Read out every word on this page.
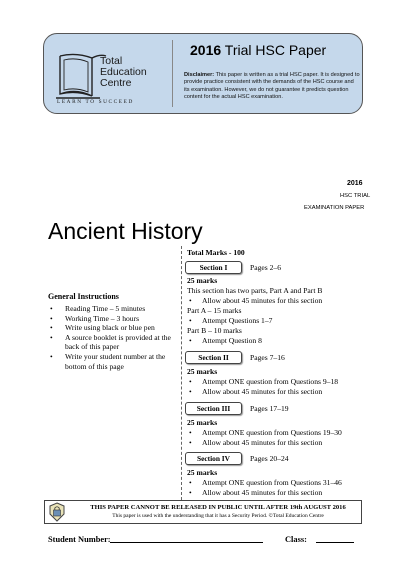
Total
Education
Centre
LEARN TO SUCCEED
2016 Trial HSC Paper
Disclaimer: This paper is written as a trial HSC paper. It is designed to provide practice consistent with the demands of the HSC course and its examination. However, we do not guarantee it predicts question content for the actual HSC examination.
2016
HSC TRIAL
EXAMINATION PAPER
Ancient History
General Instructions
• Reading Time – 5 minutes
• Working Time – 3 hours
• Write using black or blue pen
• A source booklet is provided at the back of this paper
• Write your student number at the bottom of this page
Total Marks - 100
Section I	Pages 2–6
25 marks
This section has two parts, Part A and Part B
• Allow about 45 minutes for this section
Part A – 15 marks
• Attempt Questions 1–7
Part B – 10 marks
• Attempt Question 8
Section II	Pages 7–16
25 marks
• Attempt ONE question from Questions 9–18
• Allow about 45 minutes for this section
Section III	Pages 17–19
25 marks
• Attempt ONE question from Questions 19–30
• Allow about 45 minutes for this section
Section IV	Pages 20–24
25 marks
• Attempt ONE question from Questions 31–46
• Allow about 45 minutes for this section
THIS PAPER CANNOT BE RELEASED IN PUBLIC UNTIL AFTER 19th AUGUST 2016
This paper is used with the understanding that it has a Security Period. ©Total Education Centre
Student Number:	Class:
